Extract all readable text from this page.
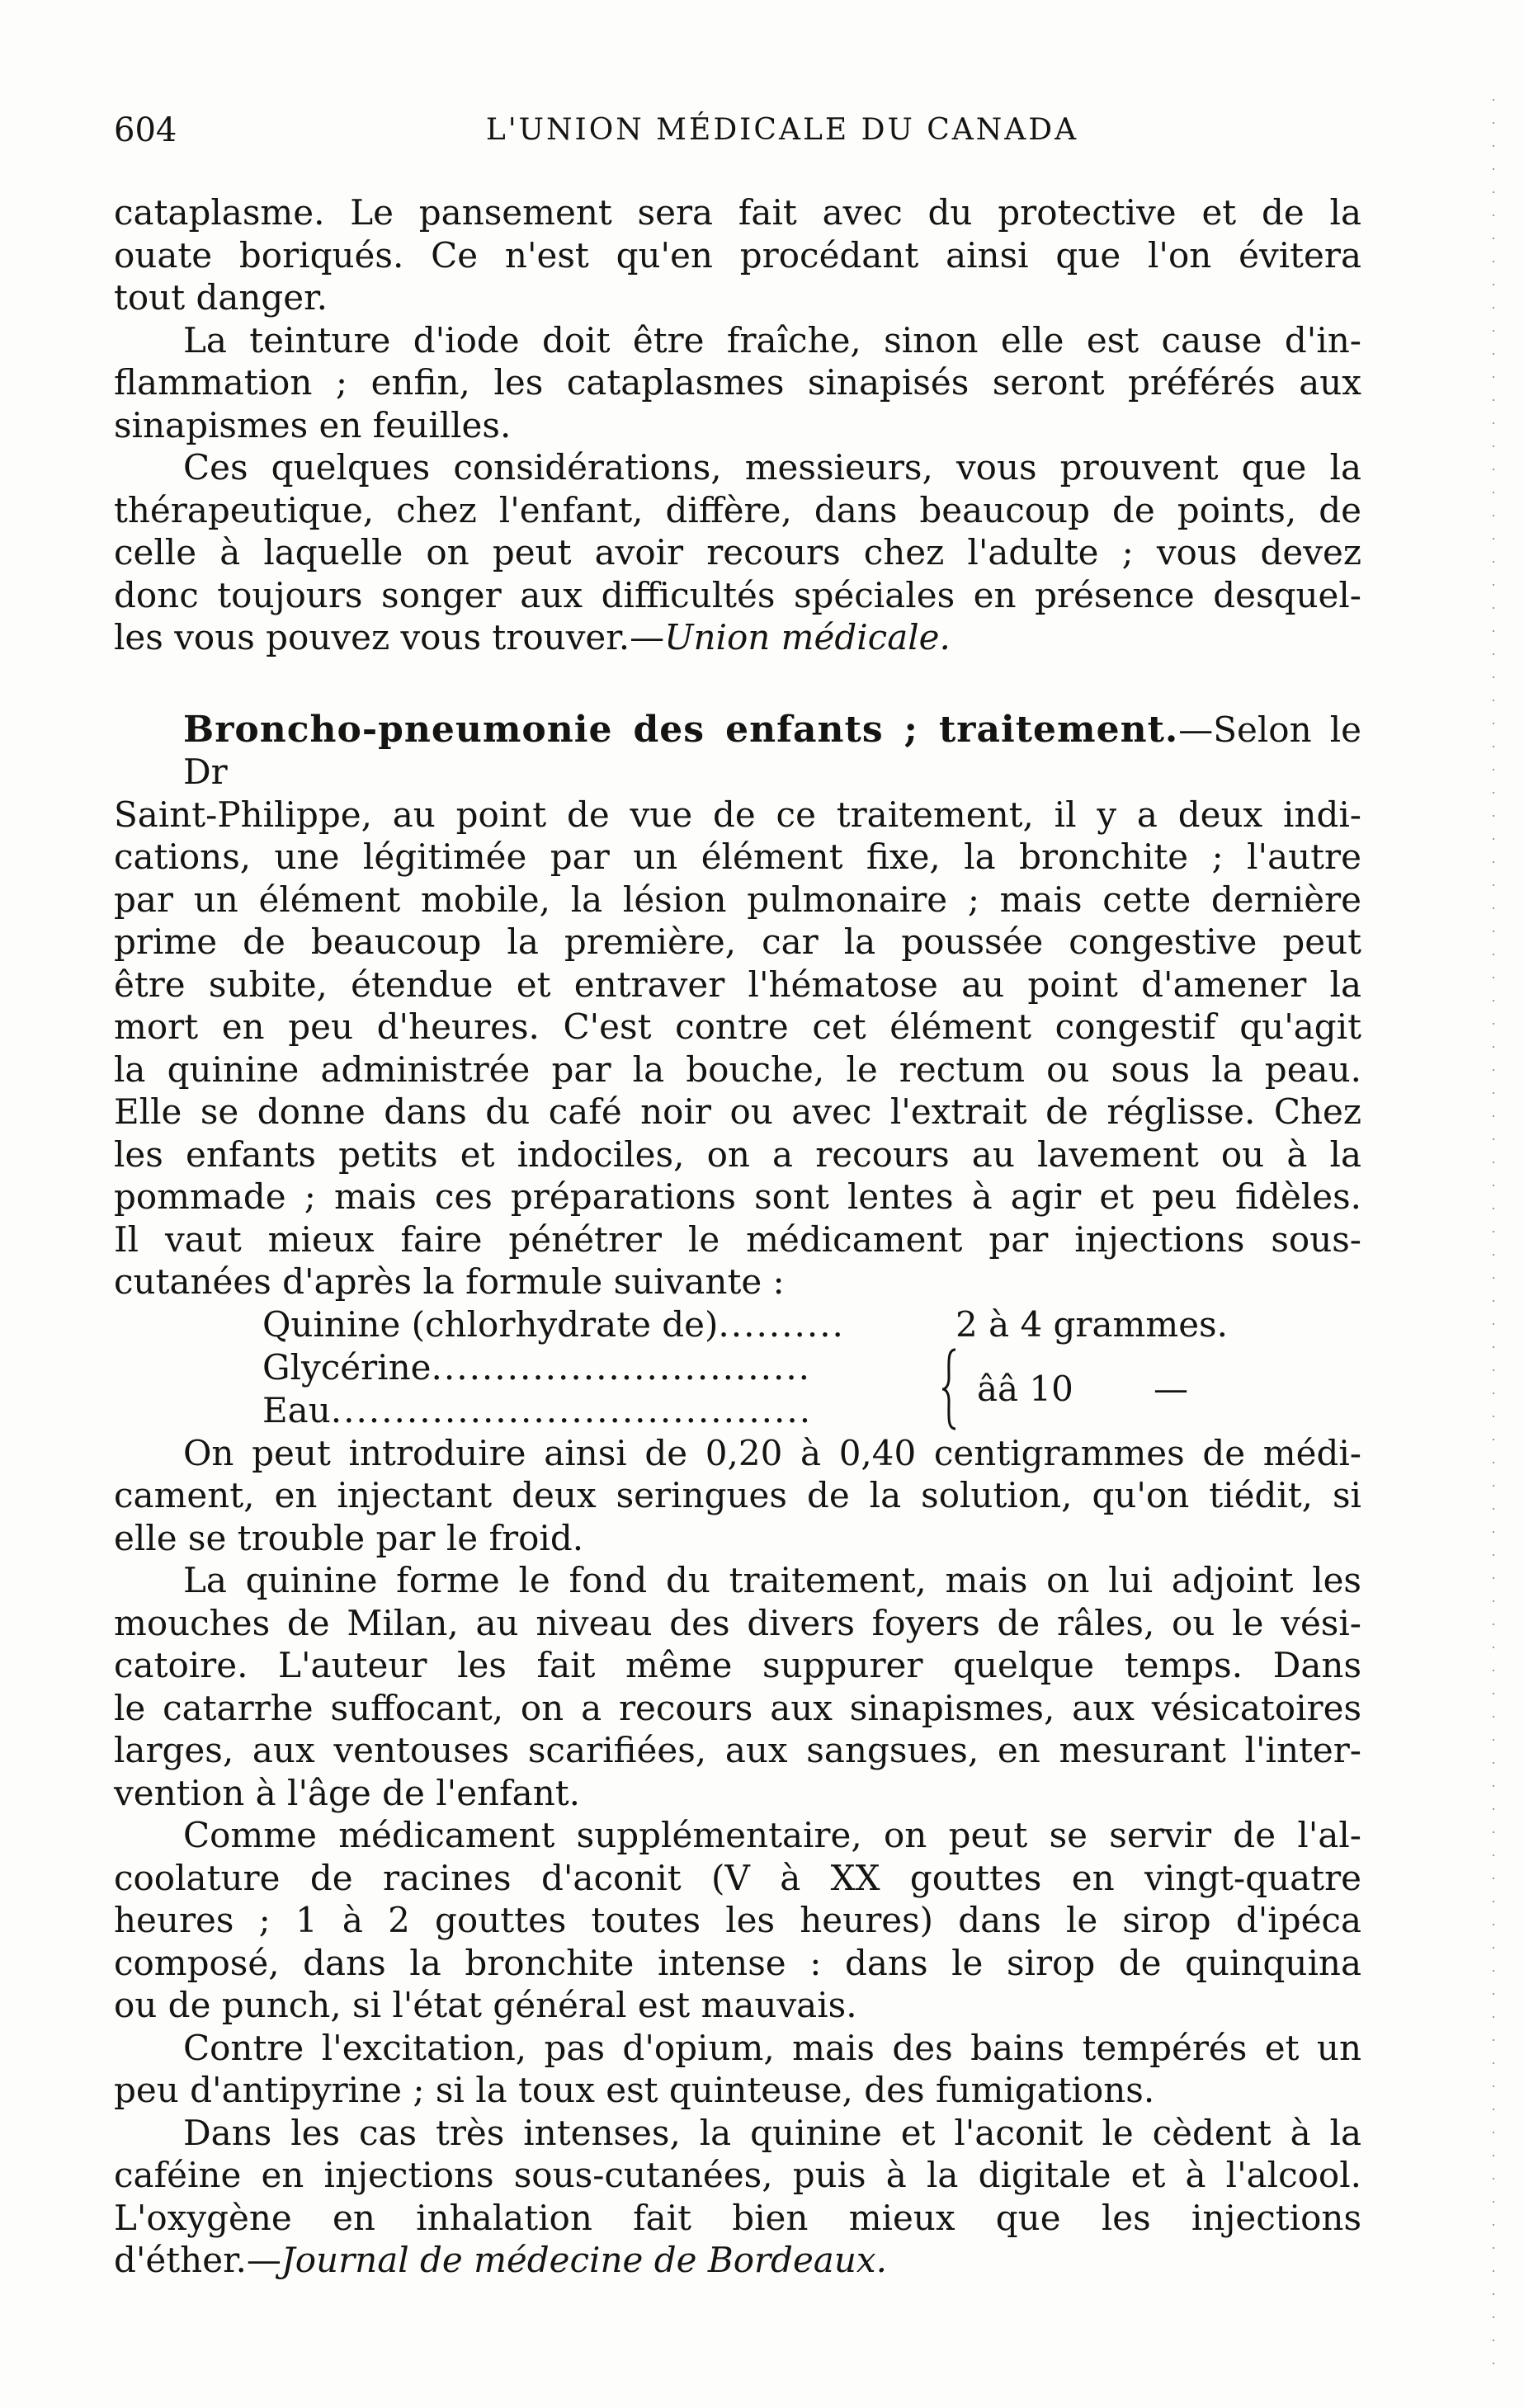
604	L'UNION MÉDICALE DU CANADA
cataplasme. Le pansement sera fait avec du protective et de la
ouate boriqués. Ce n'est qu'en procédant ainsi que l'on évitera
tout danger.
La teinture d'iode doit être fraîche, sinon elle est cause d'in-
flammation ; enfin, les cataplasmes sinapisés seront préférés aux
sinapismes en feuilles.
Ces quelques considérations, messieurs, vous prouvent que la
thérapeutique, chez l'enfant, diffère, dans beaucoup de points, de
celle à laquelle on peut avoir recours chez l'adulte ; vous devez
donc toujours songer aux difficultés spéciales en présence desquel-
les vous pouvez vous trouver.—Union médicale.
Broncho-pneumonie des enfants ; traitement.—Selon le Dr
Saint-Philippe, au point de vue de ce traitement, il y a deux indi-
cations, une légitimée par un élément fixe, la bronchite ; l'autre
par un élément mobile, la lésion pulmonaire ; mais cette dernière
prime de beaucoup la première, car la poussée congestive peut
être subite, étendue et entraver l'hématose au point d'amener la
mort en peu d'heures. C'est contre cet élément congestif qu'agit
la quinine administrée par la bouche, le rectum ou sous la peau.
Elle se donne dans du café noir ou avec l'extrait de réglisse. Chez
les enfants petits et indociles, on a recours au lavement ou à la
pommade ; mais ces préparations sont lentes à agir et peu fidèles.
Il vaut mieux faire pénétrer le médicament par injections sous-
cutanées d'après la formule suivante :
Quinine (chlorhydrate de)..........	2 à 4 grammes.
Glycérine..............................
Eau......................................
ââ 10 —
On peut introduire ainsi de 0,20 à 0,40 centigrammes de médi-
cament, en injectant deux seringues de la solution, qu'on tiédit, si
elle se trouble par le froid.
La quinine forme le fond du traitement, mais on lui adjoint les
mouches de Milan, au niveau des divers foyers de râles, ou le vési-
catoire. L'auteur les fait même suppurer quelque temps. Dans
le catarrhe suffocant, on a recours aux sinapismes, aux vésicatoires
larges, aux ventouses scarifiées, aux sangsues, en mesurant l'inter-
vention à l'âge de l'enfant.
Comme médicament supplémentaire, on peut se servir de l'al-
coolature de racines d'aconit (V à XX gouttes en vingt-quatre
heures ; 1 à 2 gouttes toutes les heures) dans le sirop d'ipéca
composé, dans la bronchite intense : dans le sirop de quinquina
ou de punch, si l'état général est mauvais.
Contre l'excitation, pas d'opium, mais des bains tempérés et un
peu d'antipyrine ; si la toux est quinteuse, des fumigations.
Dans les cas très intenses, la quinine et l'aconit le cèdent à la
caféine en injections sous-cutanées, puis à la digitale et à l'alcool.
L'oxygène en inhalation fait bien mieux que les injections
d'éther.—Journal de médecine de Bordeaux.
